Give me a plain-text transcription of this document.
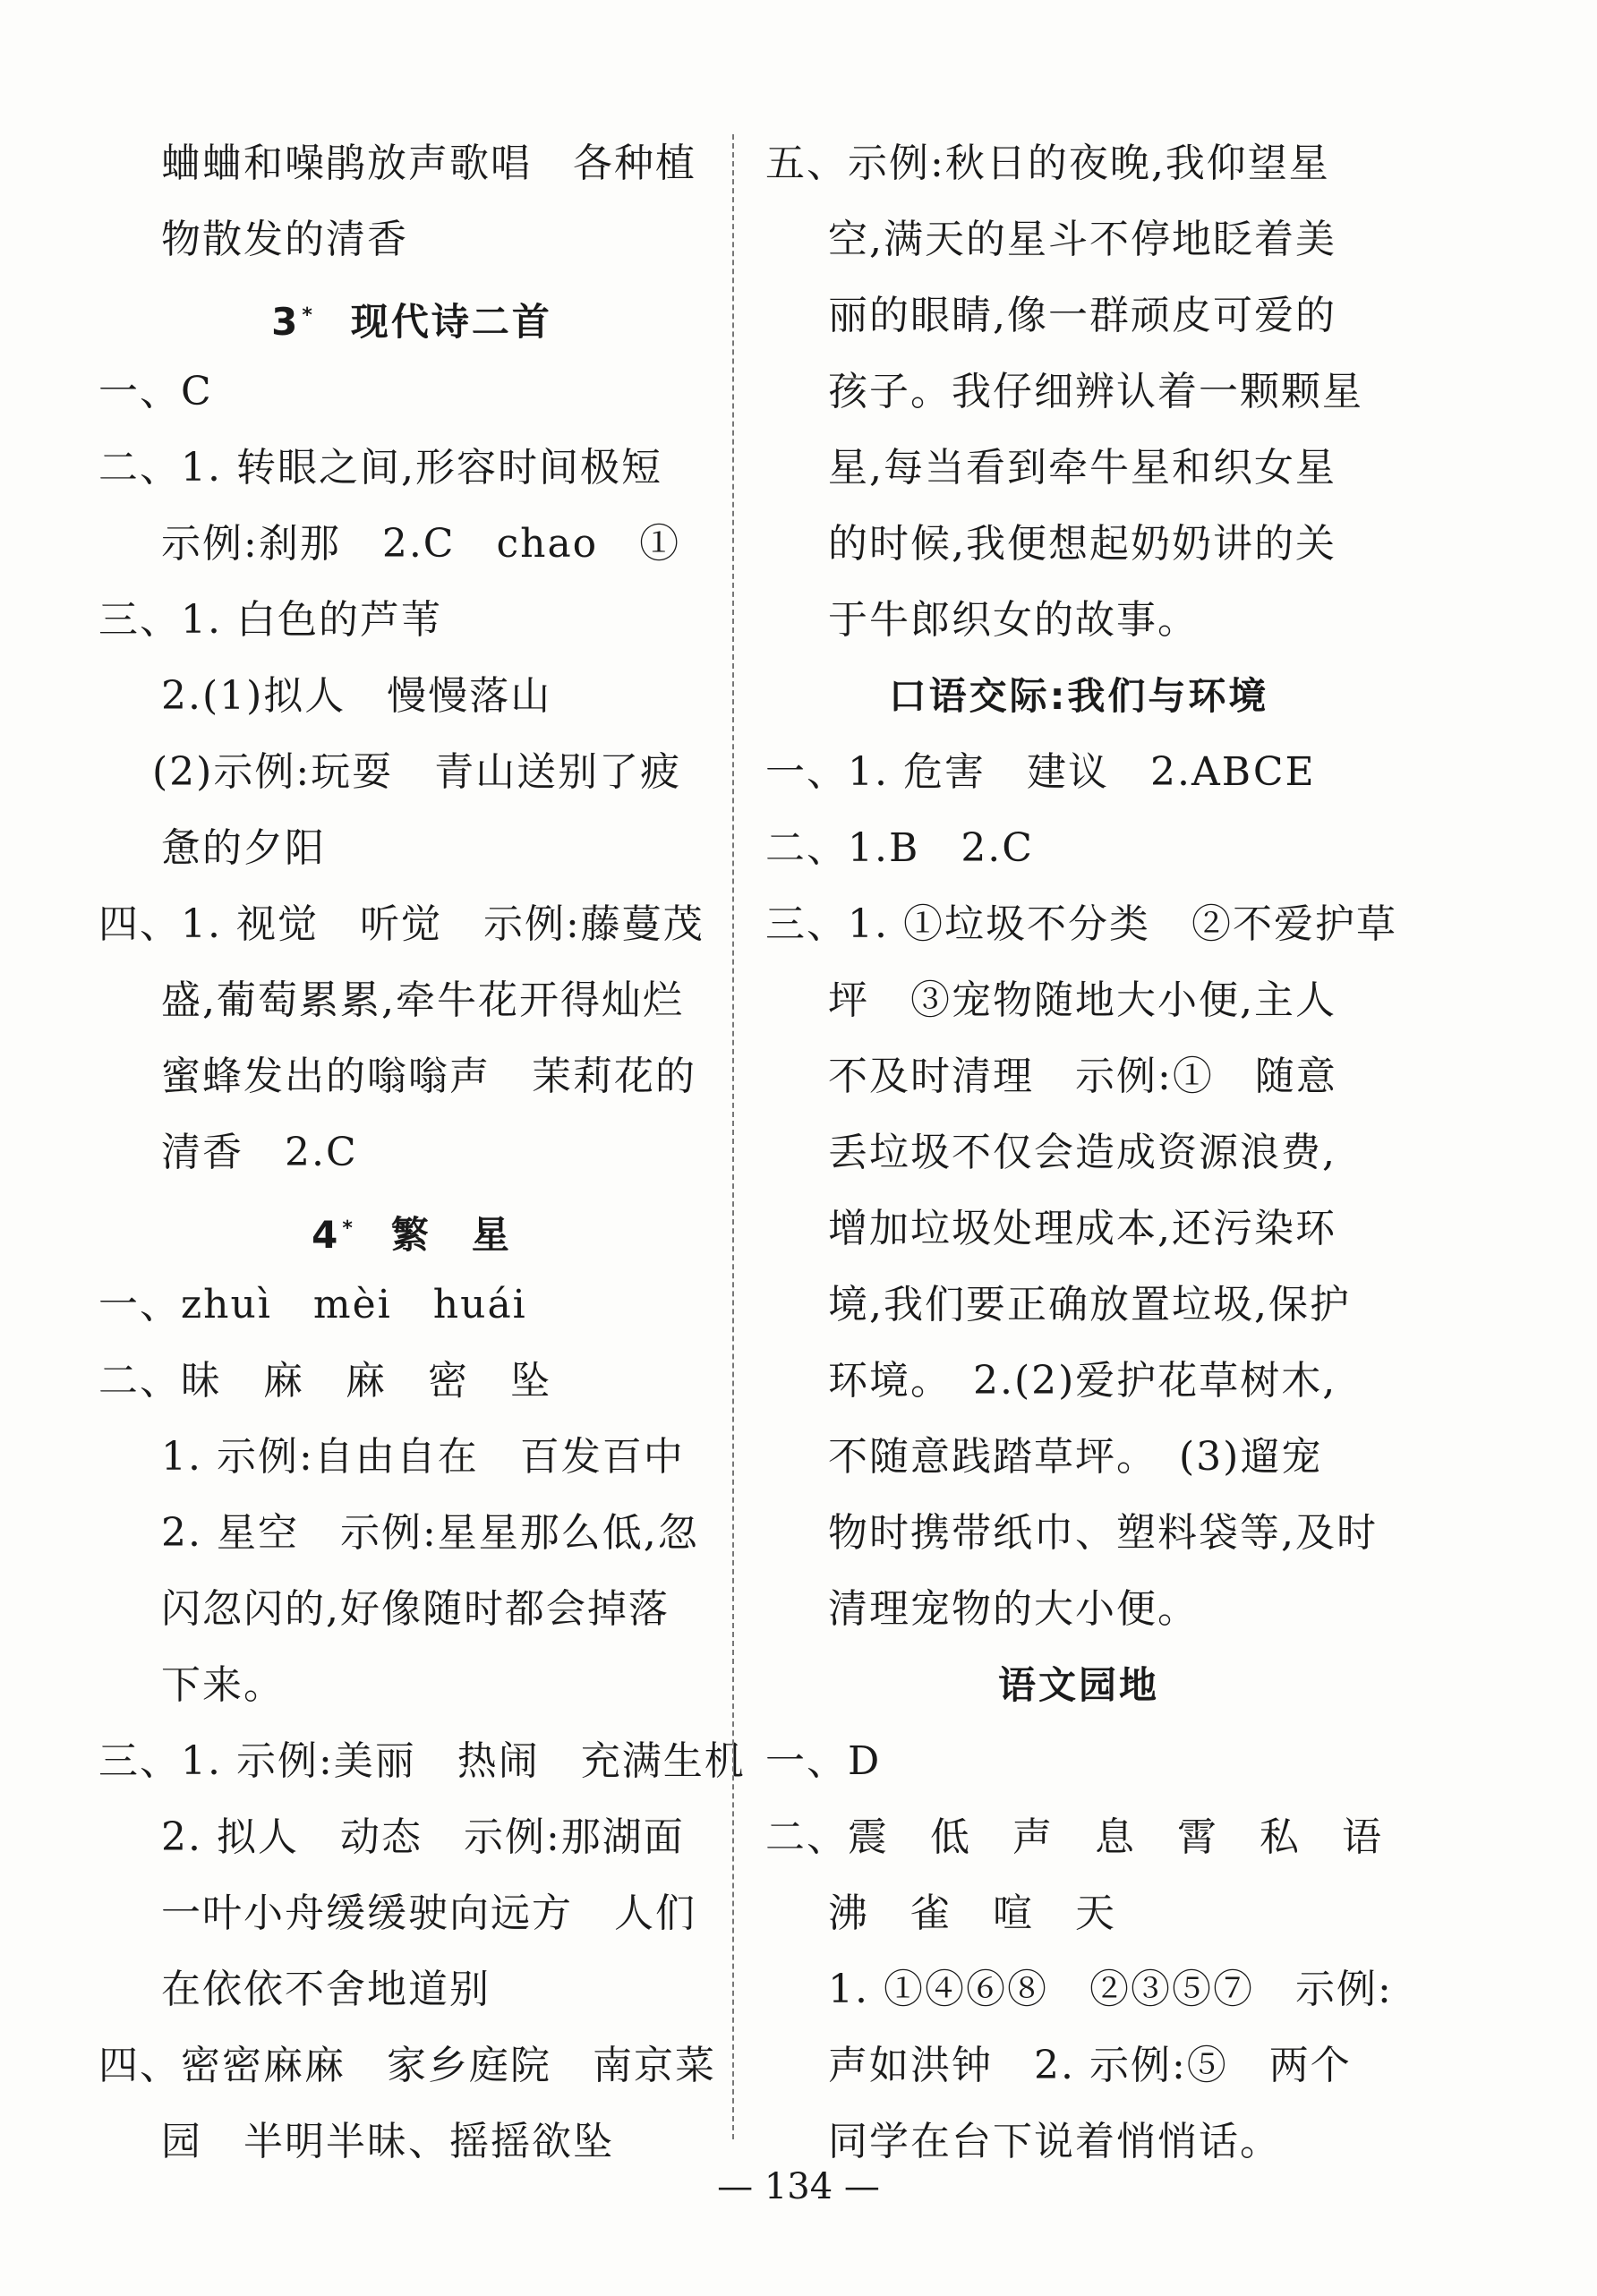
蛐蛐和噪鹃放声歌唱　各种植
物散发的清香
3* 现代诗二首
一、C
二、1. 转眼之间,形容时间极短
示例:刹那　2.C　chao　①
三、1. 白色的芦苇
2.(1)拟人　慢慢落山
(2)示例:玩耍　青山送别了疲
惫的夕阳
四、1. 视觉　听觉　示例:藤蔓茂
盛,葡萄累累,牵牛花开得灿烂
蜜蜂发出的嗡嗡声　茉莉花的
清香　2.C
4* 繁　星
一、zhuì　mèi　huái
二、昧　麻　麻　密　坠
1. 示例:自由自在　百发百中
2. 星空　示例:星星那么低,忽
闪忽闪的,好像随时都会掉落
下来。
三、1. 示例:美丽　热闹　充满生机
2. 拟人　动态　示例:那湖面
一叶小舟缓缓驶向远方　人们
在依依不舍地道别
四、密密麻麻　家乡庭院　南京菜
园　半明半昧、摇摇欲坠
五、示例:秋日的夜晚,我仰望星
空,满天的星斗不停地眨着美
丽的眼睛,像一群顽皮可爱的
孩子。我仔细辨认着一颗颗星
星,每当看到牵牛星和织女星
的时候,我便想起奶奶讲的关
于牛郎织女的故事。
口语交际:我们与环境
一、1. 危害　建议　2.ABCE
二、1.B　2.C
三、1. ①垃圾不分类　②不爱护草
坪　③宠物随地大小便,主人
不及时清理　示例:①　随意
丢垃圾不仅会造成资源浪费,
增加垃圾处理成本,还污染环
境,我们要正确放置垃圾,保护
环境。　2.(2)爱护花草树木,
不随意践踏草坪。　(3)遛宠
物时携带纸巾、塑料袋等,及时
清理宠物的大小便。
语文园地
一、D
二、震　低　声　息　霄　私　语
沸　雀　喧　天
1. ①④⑥⑧　②③⑤⑦　示例:
声如洪钟　2. 示例:⑤　两个
同学在台下说着悄悄话。
— 134 —
